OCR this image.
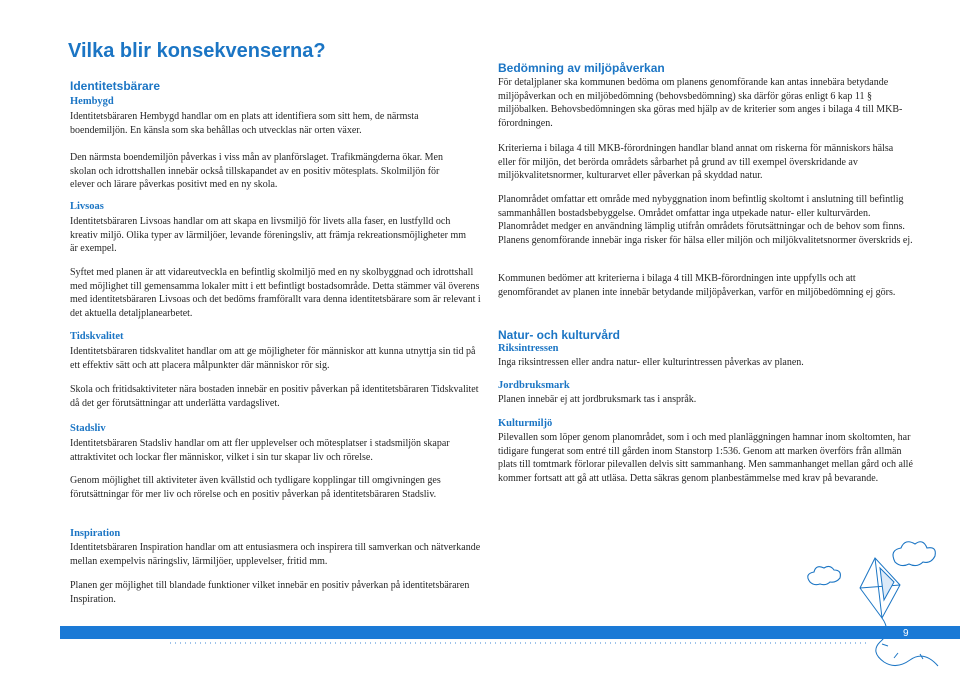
Vilka blir konsekvenserna?
Identitetsbärare
Hembygd

Identitetsbäraren Hembygd handlar om en plats att identifiera som sitt hem, de närmsta boendemiljön. En känsla som ska behållas och utvecklas när orten växer.

Den närmsta boendemiljön påverkas i viss mån av planförslaget. Trafikmängderna ökar. Men skolan och idrottshallen innebär också tillskapandet av en positiv mötesplats. Skolmiljön för elever och lärare påverkas positivt med en ny skola.

Livsoas

Identitetsbäraren Livsoas handlar om att skapa en livsmiljö för livets alla faser, en lustfylld och kreativ miljö. Olika typer av lärmiljöer, levande föreningsliv, att främja rekreationsmöjligheter mm är exempel.

Syftet med planen är att vidareutveckla en befintlig skolmiljö med en ny skolbyggnad och idrottshall med möjlighet till gemensamma lokaler mitt i ett befintligt bostadsområde. Detta stämmer väl överens med identitetsbäraren Livsoas och det bedöms framförallt vara denna identitetsbärare som är relevant i det aktuella detaljplanearbetet.

Tidskvalitet

Identitetsbäraren tidskvalitet handlar om att ge möjligheter för människor att kunna utnyttja sin tid på ett effektiv sätt och att placera målpunkter där människor rör sig.

Skola och fritidsaktiviteter nära bostaden innebär en positiv påverkan på identitetsbäraren Tidskvalitet då det ger förutsättningar att underlätta vardagslivet.

Stadsliv

Identitetsbäraren Stadsliv handlar om att fler upplevelser och mötesplatser i stadsmiljön skapar attraktivitet och lockar fler människor, vilket i sin tur skapar liv och rörelse.

Genom möjlighet till aktiviteter även kvällstid och tydligare kopplingar till omgivningen ges förutsättningar för mer liv och rörelse och en positiv påverkan på identitetsbäraren Stadsliv.

Inspiration

Identitetsbäraren Inspiration handlar om att entusiasmera och inspirera till samverkan och nätverkande mellan exempelvis näringsliv, lärmiljöer, upplevelser, fritid mm.

Planen ger möjlighet till blandade funktioner vilket innebär en positiv påverkan på identitetsbäraren Inspiration.

Bedömning av miljöpåverkan

För detaljplaner ska kommunen bedöma om planens genomförande kan antas innebära betydande miljöpåverkan och en miljöbedömning (behovsbedömning) ska därför göras enligt 6 kap 11 § miljöbalken. Behovsbedömningen ska göras med hjälp av de kriterier som anges i bilaga 4 till MKB-förordningen.

Kriterierna i bilaga 4 till MKB-förordningen handlar bland annat om riskerna för människors hälsa eller för miljön, det berörda områdets sårbarhet på grund av till exempel överskridande av miljökvalitetsnormer, kulturarvet eller påverkan på skyddad natur.

Planområdet omfattar ett område med nybyggnation inom befintlig skoltomt i anslutning till befintlig sammanhållen bostadsbebyggelse. Området omfattar inga utpekade natur- eller kulturvärden. Planområdet medger en användning lämplig utifrån områdets förutsättningar och de behov som finns. Planens genomförande innebär inga risker för hälsa eller miljön och miljökvalitetsnormer överskrids ej.

Kommunen bedömer att kriterierna i bilaga 4 till MKB-förordningen inte uppfylls och att genomförandet av planen inte innebär betydande miljöpåverkan, varför en miljöbedömning ej görs.

Natur- och kulturvård
Riksintressen

Inga riksintressen eller andra natur- eller kulturintressen påverkas av planen.

Jordbruksmark

Planen innebär ej att jordbruksmark tas i anspråk.

Kulturmiljö

Pilevallen som löper genom planområdet, som i och med planläggningen hamnar inom skoltomten, har tidigare fungerat som entré till gården inom Stanstorp 1:536. Genom att marken överförs från allmän plats till tomtmark förlorar pilevallen delvis sitt sammanhang. Men sammanhanget mellan gård och allé kommer fortsatt att gå att utläsa. Detta säkras genom planbestämmelse med krav på bevarande.

9
